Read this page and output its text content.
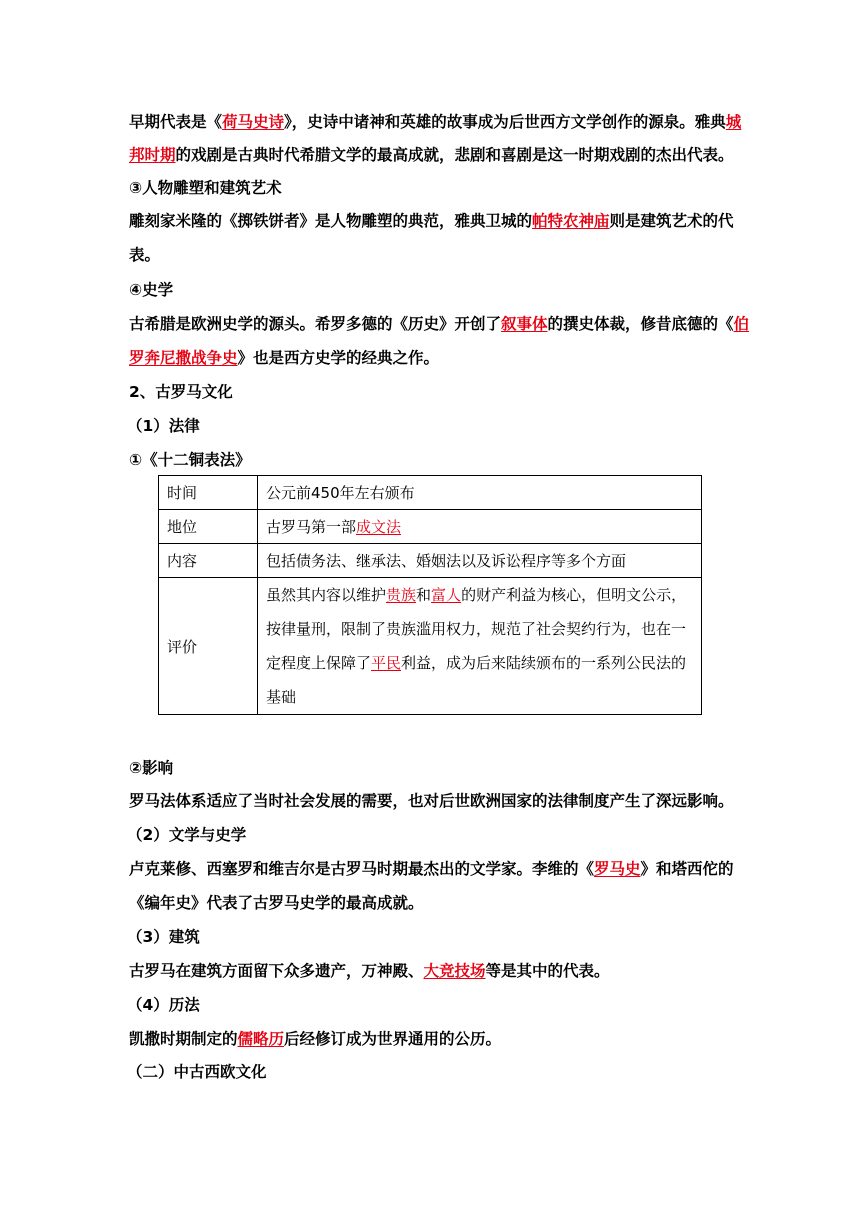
早期代表是《荷马史诗》，史诗中诸神和英雄的故事成为后世西方文学创作的源泉。雅典城
邦时期的戏剧是古典时代希腊文学的最高成就，悲剧和喜剧是这一时期戏剧的杰出代表。
③人物雕塑和建筑艺术
雕刻家米隆的《掷铁饼者》是人物雕塑的典范，雅典卫城的帕特农神庙则是建筑艺术的代
表。
④史学
古希腊是欧洲史学的源头。希罗多德的《历史》开创了叙事体的撰史体裁，修昔底德的《伯
罗奔尼撒战争史》也是西方史学的经典之作。
2、古罗马文化
（1）法律
①《十二铜表法》
时间	公元前450年左右颁布
地位	古罗马第一部成文法
内容	包括债务法、继承法、婚姻法以及诉讼程序等多个方面
评价	虽然其内容以维护贵族和富人的财产利益为核心，但明文公示，按律量刑，限制了贵族滥用权力，规范了社会契约行为，也在一定程度上保障了平民利益，成为后来陆续颁布的一系列公民法的基础
②影响
罗马法体系适应了当时社会发展的需要，也对后世欧洲国家的法律制度产生了深远影响。
（2）文学与史学
卢克莱修、西塞罗和维吉尔是古罗马时期最杰出的文学家。李维的《罗马史》和塔西佗的
《编年史》代表了古罗马史学的最高成就。
（3）建筑
古罗马在建筑方面留下众多遗产，万神殿、大竞技场等是其中的代表。
（4）历法
凯撒时期制定的儒略历后经修订成为世界通用的公历。
（二）中古西欧文化
